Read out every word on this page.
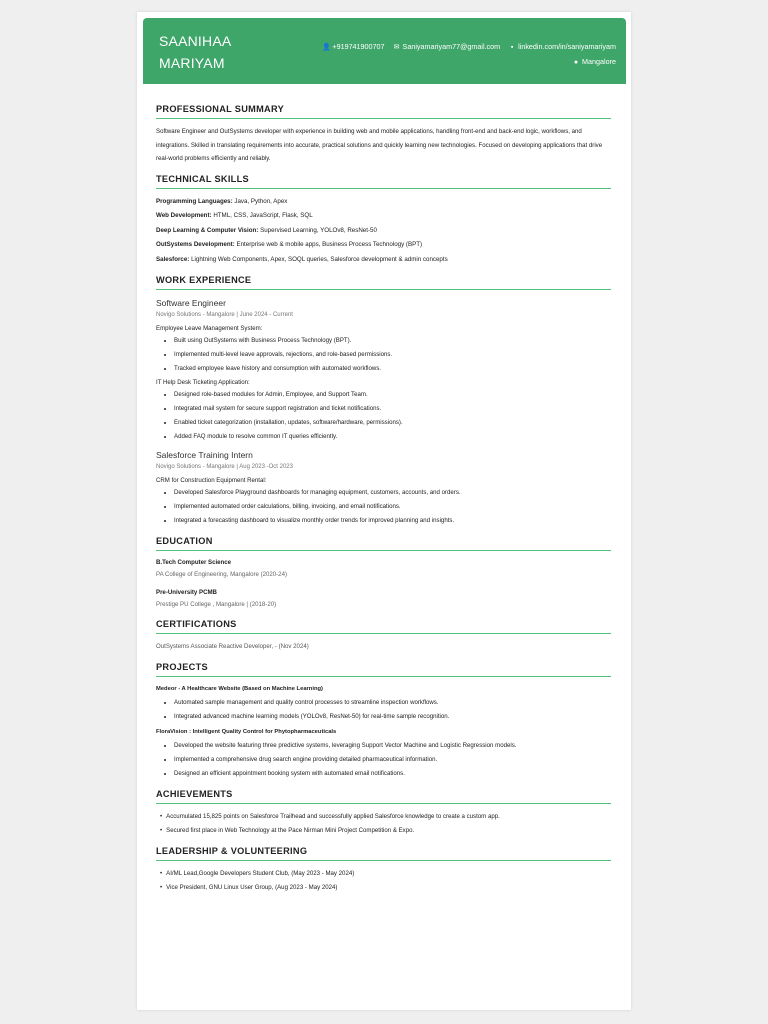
SAANIHAA
MARIYAM
👤+919741900707 ✉ Saniyamariyam77@gmail.com ▪ linkedin.com/in/saniyamariyam
● Mangalore
PROFESSIONAL SUMMARY

Software Engineer and OutSystems developer with experience in building web and mobile applications, handling front-end and back-end logic, workflows, and integrations. Skilled in translating requirements into accurate, practical solutions and quickly learning new technologies. Focused on developing applications that drive real-world problems efficiently and reliably.

TECHNICAL SKILLS
Programming Languages: Java, Python, Apex
Web Development: HTML, CSS, JavaScript, Flask, SQL
Deep Learning & Computer Vision: Supervised Learning, YOLOv8, ResNet-50
OutSystems Development: Enterprise web & mobile apps, Business Process Technology (BPT)
Salesforce: Lightning Web Components, Apex, SOQL queries, Salesforce development & admin concepts
WORK EXPERIENCE
Software Engineer
Novigo Solutions - Mangalore | June 2024 - Current
Employee Leave Management System:
• Built using OutSystems with Business Process Technology (BPT).
• Implemented multi-level leave approvals, rejections, and role-based permissions.
• Tracked employee leave history and consumption with automated workflows.
IT Help Desk Ticketing Application:
• Designed role-based modules for Admin, Employee, and Support Team.
• Integrated mail system for secure support registration and ticket notifications.
• Enabled ticket categorization (installation, updates, software/hardware, permissions).
• Added FAQ module to resolve common IT queries efficiently.
Salesforce Training Intern
Novigo Solutions - Mangalore | Aug 2023 -Oct 2023
CRM for Construction Equipment Rental:
• Developed Salesforce Playground dashboards for managing equipment, customers, accounts, and orders.
• Implemented automated order calculations, billing, invoicing, and email notifications.
• Integrated a forecasting dashboard to visualize monthly order trends for improved planning and insights.
EDUCATION
B.Tech Computer Science
PA College of Engineering, Mangalore (2020-24)
Pre-University PCMB
Prestige PU College , Mangalore | (2018-20)
CERTIFICATIONS
OutSystems Associate Reactive Developer, - (Nov 2024)
PROJECTS
Medeor - A Healthcare Website (Based on Machine Learning)
• Automated sample management and quality control processes to streamline inspection workflows.
• Integrated advanced machine learning models (YOLOv8, ResNet-50) for real-time sample recognition.
FloraVision : Intelligent Quality Control for Phytopharmaceuticals
• Developed the website featuring three predictive systems, leveraging Support Vector Machine and Logistic Regression models.
• Implemented a comprehensive drug search engine providing detailed pharmaceutical information.
• Designed an efficient appointment booking system with automated email notifications.
ACHIEVEMENTS
• Accumulated 15,825 points on Salesforce Trailhead and successfully applied Salesforce knowledge to create a custom app.
• Secured first place in Web Technology at the Pace Nirman Mini Project Competition & Expo.
LEADERSHIP & VOLUNTEERING
• AI/ML Lead,Google Developers Student Club, (May 2023 - May 2024)
• Vice President, GNU Linux User Group, (Aug 2023 - May 2024)
